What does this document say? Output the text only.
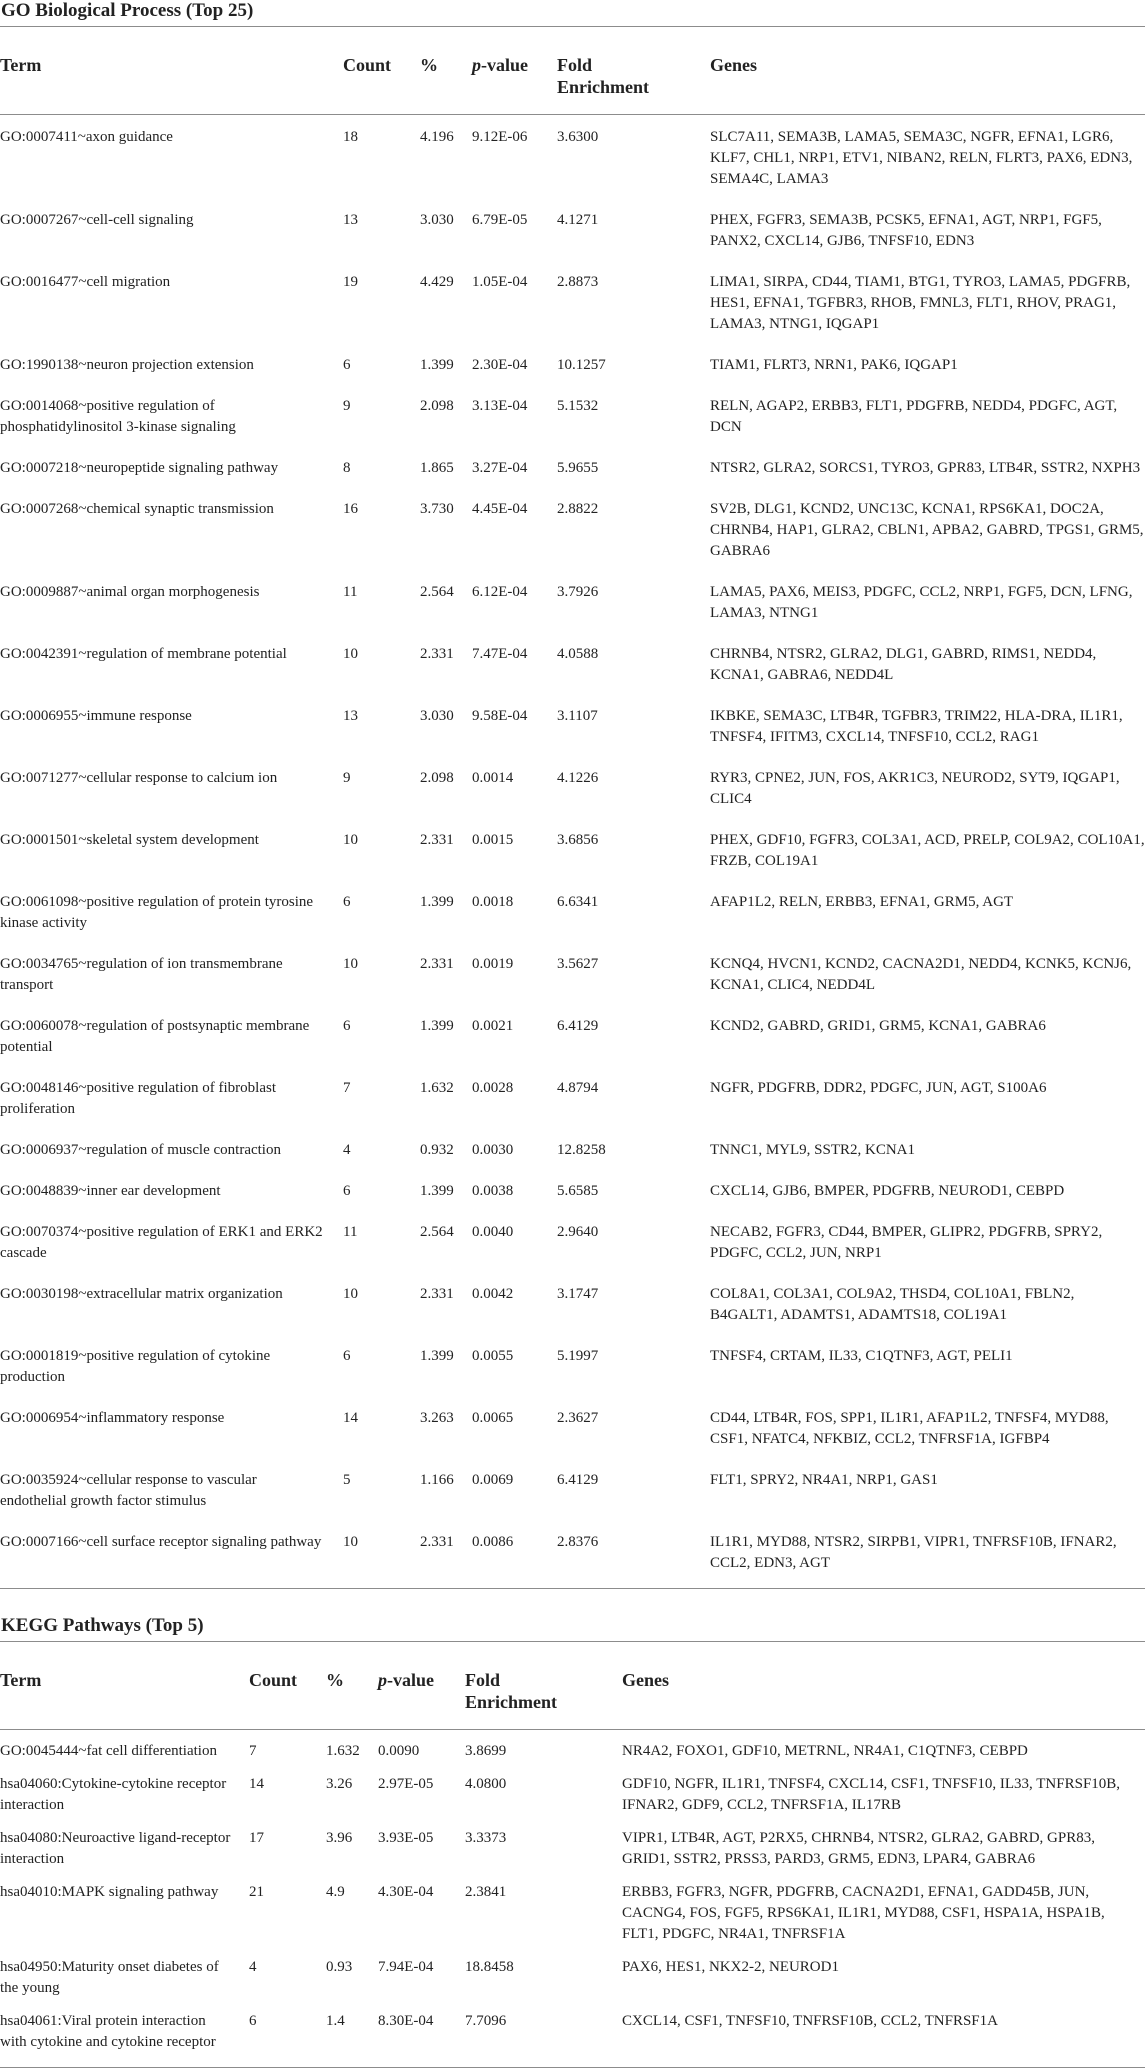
GO Biological Process (Top 25)
Term	Count	%	p-value	Fold
Enrichment	Genes
GO:0007411~axon guidance	18	4.196	9.12E-06	3.6300	SLC7A11, SEMA3B, LAMA5, SEMA3C, NGFR, EFNA1, LGR6, KLF7, CHL1, NRP1, ETV1, NIBAN2, RELN, FLRT3, PAX6, EDN3, SEMA4C, LAMA3
GO:0007267~cell-cell signaling	13	3.030	6.79E-05	4.1271	PHEX, FGFR3, SEMA3B, PCSK5, EFNA1, AGT, NRP1, FGF5, PANX2, CXCL14, GJB6, TNFSF10, EDN3
GO:0016477~cell migration	19	4.429	1.05E-04	2.8873	LIMA1, SIRPA, CD44, TIAM1, BTG1, TYRO3, LAMA5, PDGFRB, HES1, EFNA1, TGFBR3, RHOB, FMNL3, FLT1, RHOV, PRAG1, LAMA3, NTNG1, IQGAP1
GO:1990138~neuron projection extension	6	1.399	2.30E-04	10.1257	TIAM1, FLRT3, NRN1, PAK6, IQGAP1
GO:0014068~positive regulation of phosphatidylinositol 3-kinase signaling	9	2.098	3.13E-04	5.1532	RELN, AGAP2, ERBB3, FLT1, PDGFRB, NEDD4, PDGFC, AGT, DCN
GO:0007218~neuropeptide signaling pathway	8	1.865	3.27E-04	5.9655	NTSR2, GLRA2, SORCS1, TYRO3, GPR83, LTB4R, SSTR2, NXPH3
GO:0007268~chemical synaptic transmission	16	3.730	4.45E-04	2.8822	SV2B, DLG1, KCND2, UNC13C, KCNA1, RPS6KA1, DOC2A, CHRNB4, HAP1, GLRA2, CBLN1, APBA2, GABRD, TPGS1, GRM5, GABRA6
GO:0009887~animal organ morphogenesis	11	2.564	6.12E-04	3.7926	LAMA5, PAX6, MEIS3, PDGFC, CCL2, NRP1, FGF5, DCN, LFNG, LAMA3, NTNG1
GO:0042391~regulation of membrane potential	10	2.331	7.47E-04	4.0588	CHRNB4, NTSR2, GLRA2, DLG1, GABRD, RIMS1, NEDD4, KCNA1, GABRA6, NEDD4L
GO:0006955~immune response	13	3.030	9.58E-04	3.1107	IKBKE, SEMA3C, LTB4R, TGFBR3, TRIM22, HLA-DRA, IL1R1, TNFSF4, IFITM3, CXCL14, TNFSF10, CCL2, RAG1
GO:0071277~cellular response to calcium ion	9	2.098	0.0014	4.1226	RYR3, CPNE2, JUN, FOS, AKR1C3, NEUROD2, SYT9, IQGAP1, CLIC4
GO:0001501~skeletal system development	10	2.331	0.0015	3.6856	PHEX, GDF10, FGFR3, COL3A1, ACD, PRELP, COL9A2, COL10A1, FRZB, COL19A1
GO:0061098~positive regulation of protein tyrosine kinase activity	6	1.399	0.0018	6.6341	AFAP1L2, RELN, ERBB3, EFNA1, GRM5, AGT
GO:0034765~regulation of ion transmembrane transport	10	2.331	0.0019	3.5627	KCNQ4, HVCN1, KCND2, CACNA2D1, NEDD4, KCNK5, KCNJ6, KCNA1, CLIC4, NEDD4L
GO:0060078~regulation of postsynaptic membrane potential	6	1.399	0.0021	6.4129	KCND2, GABRD, GRID1, GRM5, KCNA1, GABRA6
GO:0048146~positive regulation of fibroblast proliferation	7	1.632	0.0028	4.8794	NGFR, PDGFRB, DDR2, PDGFC, JUN, AGT, S100A6
GO:0006937~regulation of muscle contraction	4	0.932	0.0030	12.8258	TNNC1, MYL9, SSTR2, KCNA1
GO:0048839~inner ear development	6	1.399	0.0038	5.6585	CXCL14, GJB6, BMPER, PDGFRB, NEUROD1, CEBPD
GO:0070374~positive regulation of ERK1 and ERK2 cascade	11	2.564	0.0040	2.9640	NECAB2, FGFR3, CD44, BMPER, GLIPR2, PDGFRB, SPRY2, PDGFC, CCL2, JUN, NRP1
GO:0030198~extracellular matrix organization	10	2.331	0.0042	3.1747	COL8A1, COL3A1, COL9A2, THSD4, COL10A1, FBLN2, B4GALT1, ADAMTS1, ADAMTS18, COL19A1
GO:0001819~positive regulation of cytokine production	6	1.399	0.0055	5.1997	TNFSF4, CRTAM, IL33, C1QTNF3, AGT, PELI1
GO:0006954~inflammatory response	14	3.263	0.0065	2.3627	CD44, LTB4R, FOS, SPP1, IL1R1, AFAP1L2, TNFSF4, MYD88, CSF1, NFATC4, NFKBIZ, CCL2, TNFRSF1A, IGFBP4
GO:0035924~cellular response to vascular endothelial growth factor stimulus	5	1.166	0.0069	6.4129	FLT1, SPRY2, NR4A1, NRP1, GAS1
GO:0007166~cell surface receptor signaling pathway	10	2.331	0.0086	2.8376	IL1R1, MYD88, NTSR2, SIRPB1, VIPR1, TNFRSF10B, IFNAR2, CCL2, EDN3, AGT
KEGG Pathways (Top 5)
Term	Count	%	p-value	Fold
Enrichment	Genes
GO:0045444~fat cell differentiation	7	1.632	0.0090	3.8699	NR4A2, FOXO1, GDF10, METRNL, NR4A1, C1QTNF3, CEBPD
hsa04060:Cytokine-cytokine receptor interaction	14	3.26	2.97E-05	4.0800	GDF10, NGFR, IL1R1, TNFSF4, CXCL14, CSF1, TNFSF10, IL33, TNFRSF10B, IFNAR2, GDF9, CCL2, TNFRSF1A, IL17RB
hsa04080:Neuroactive ligand-receptor interaction	17	3.96	3.93E-05	3.3373	VIPR1, LTB4R, AGT, P2RX5, CHRNB4, NTSR2, GLRA2, GABRD, GPR83, GRID1, SSTR2, PRSS3, PARD3, GRM5, EDN3, LPAR4, GABRA6
hsa04010:MAPK signaling pathway	21	4.9	4.30E-04	2.3841	ERBB3, FGFR3, NGFR, PDGFRB, CACNA2D1, EFNA1, GADD45B, JUN, CACNG4, FOS, FGF5, RPS6KA1, IL1R1, MYD88, CSF1, HSPA1A, HSPA1B, FLT1, PDGFC, NR4A1, TNFRSF1A
hsa04950:Maturity onset diabetes of the young	4	0.93	7.94E-04	18.8458	PAX6, HES1, NKX2-2, NEUROD1
hsa04061:Viral protein interaction with cytokine and cytokine receptor	6	1.4	8.30E-04	7.7096	CXCL14, CSF1, TNFSF10, TNFRSF10B, CCL2, TNFRSF1A
